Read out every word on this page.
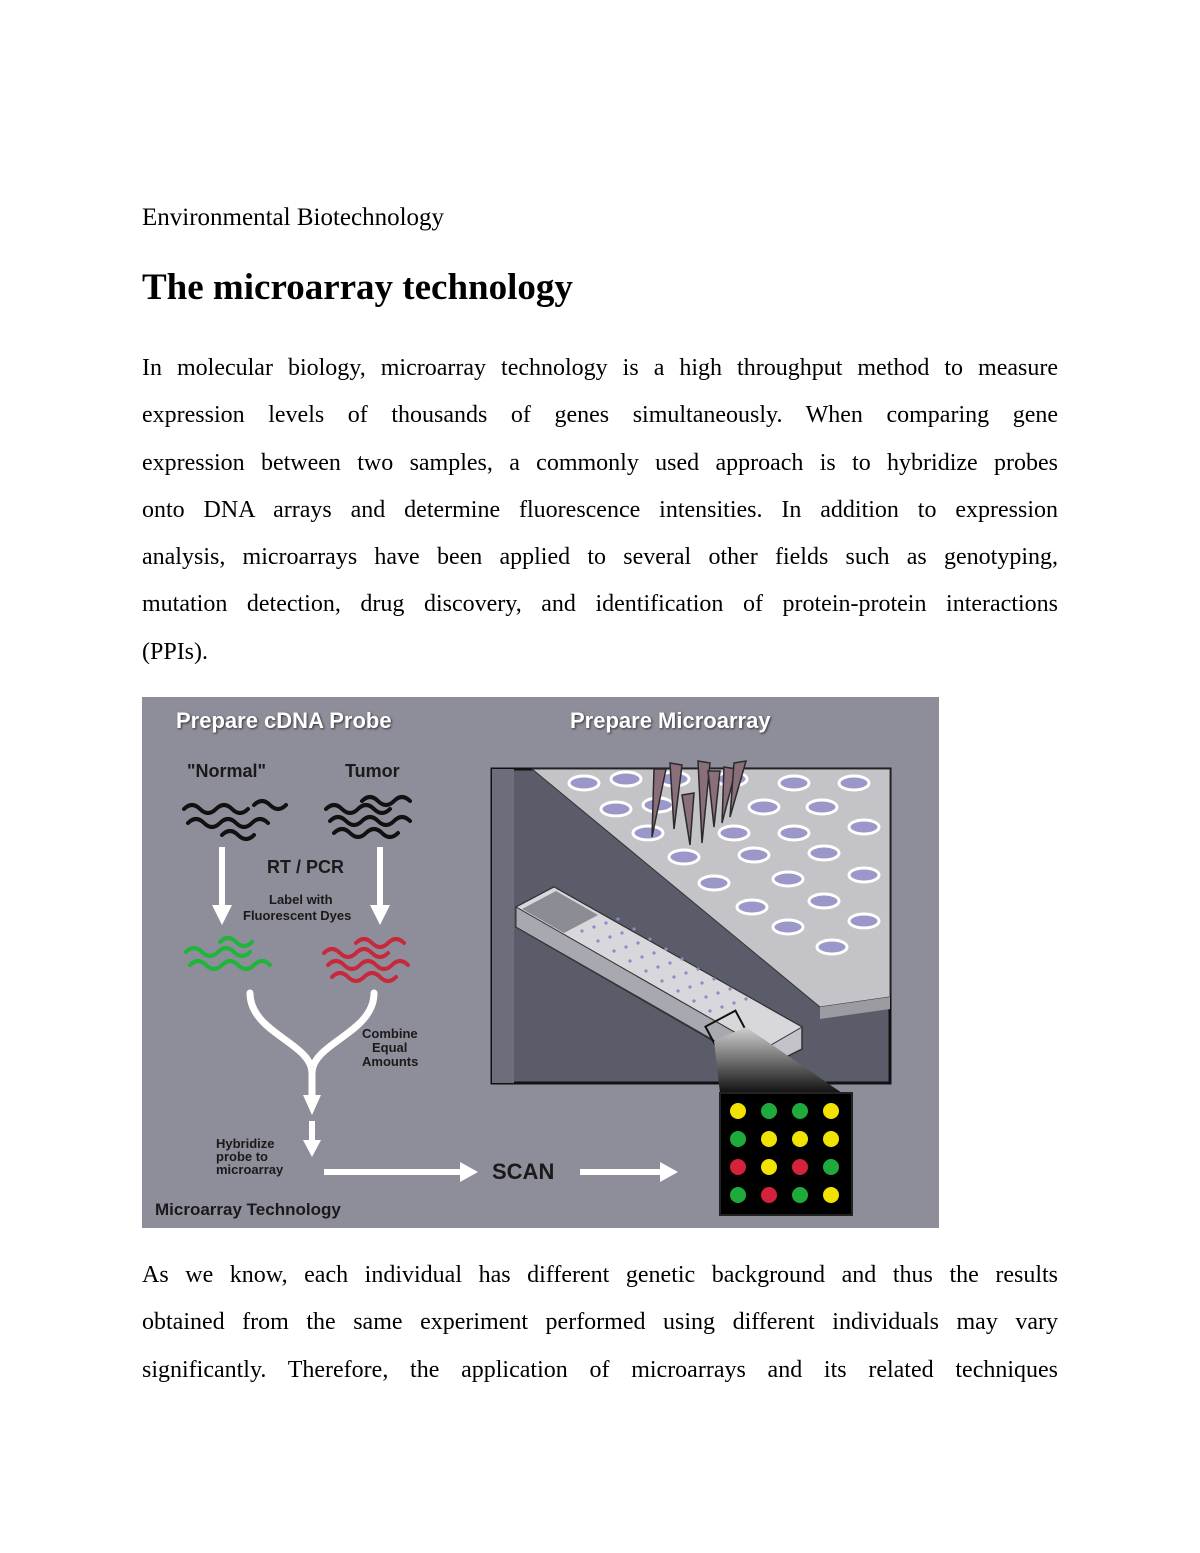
Environmental Biotechnology

The microarray technology
In molecular biology, microarray technology is a high throughput method to measure
expression levels of thousands of genes simultaneously. When comparing gene
expression between two samples, a commonly used approach is to hybridize probes
onto DNA arrays and determine fluorescence intensities. In addition to expression
analysis, microarrays have been applied to several other fields such as genotyping,
mutation detection, drug discovery, and identification of protein-protein interactions
(PPIs).
Prepare cDNA Probe	Prepare Microarray
"Normal"	Tumor
RT / PCR
Label with
Fluorescent Dyes
Combine
Equal
Amounts
Hybridize
probe to
microarray	SCAN
Microarray Technology
As we know, each individual has different genetic background and thus the results
obtained from the same experiment performed using different individuals may vary
significantly. Therefore, the application of microarrays and its related techniques
